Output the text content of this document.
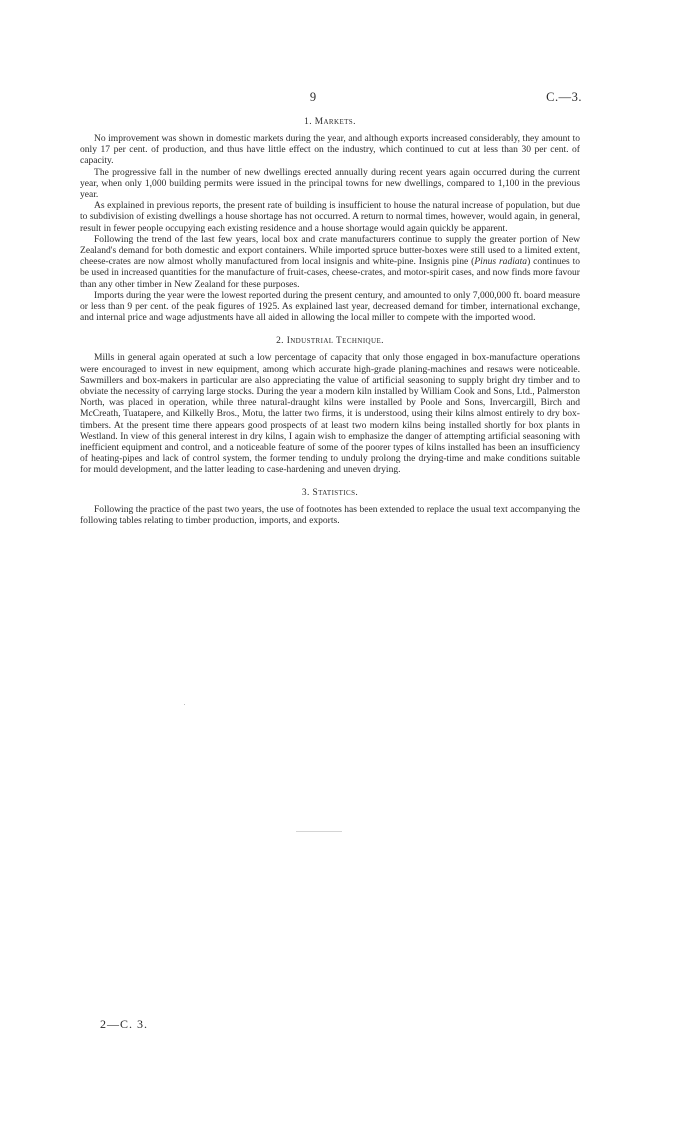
9	C.—3.
1. Markets.

No improvement was shown in domestic markets during the year, and although exports increased considerably, they amount to only 17 per cent. of production, and thus have little effect on the industry, which continued to cut at less than 30 per cent. of capacity.

The progressive fall in the number of new dwellings erected annually during recent years again occurred during the current year, when only 1,000 building permits were issued in the principal towns for new dwellings, compared to 1,100 in the previous year.

As explained in previous reports, the present rate of building is insufficient to house the natural increase of population, but due to subdivision of existing dwellings a house shortage has not occurred. A return to normal times, however, would again, in general, result in fewer people occupying each existing residence and a house shortage would again quickly be apparent.

Following the trend of the last few years, local box and crate manufacturers continue to supply the greater portion of New Zealand's demand for both domestic and export containers. While imported spruce butter-boxes were still used to a limited extent, cheese-crates are now almost wholly manufactured from local insignis and white-pine. Insignis pine (Pinus radiata) continues to be used in increased quantities for the manufacture of fruit-cases, cheese-crates, and motor-spirit cases, and now finds more favour than any other timber in New Zealand for these purposes.

Imports during the year were the lowest reported during the present century, and amounted to only 7,000,000 ft. board measure or less than 9 per cent. of the peak figures of 1925. As explained last year, decreased demand for timber, international exchange, and internal price and wage adjustments have all aided in allowing the local miller to compete with the imported wood.

2. Industrial Technique.

Mills in general again operated at such a low percentage of capacity that only those engaged in box-manufacture operations were encouraged to invest in new equipment, among which accurate high-grade planing-machines and resaws were noticeable. Sawmillers and box-makers in particular are also appreciating the value of artificial seasoning to supply bright dry timber and to obviate the necessity of carrying large stocks. During the year a modern kiln installed by William Cook and Sons, Ltd., Palmerston North, was placed in operation, while three natural-draught kilns were installed by Poole and Sons, Invercargill, Birch and McCreath, Tuatapere, and Kilkelly Bros., Motu, the latter two firms, it is understood, using their kilns almost entirely to dry box-timbers. At the present time there appears good prospects of at least two modern kilns being installed shortly for box plants in Westland. In view of this general interest in dry kilns, I again wish to emphasize the danger of attempting artificial seasoning with inefficient equipment and control, and a noticeable feature of some of the poorer types of kilns installed has been an insufficiency of heating-pipes and lack of control system, the former tending to unduly prolong the drying-time and make conditions suitable for mould development, and the latter leading to case-hardening and uneven drying.

3. Statistics.

Following the practice of the past two years, the use of footnotes has been extended to replace the usual text accompanying the following tables relating to timber production, imports, and exports.

2—C. 3.
